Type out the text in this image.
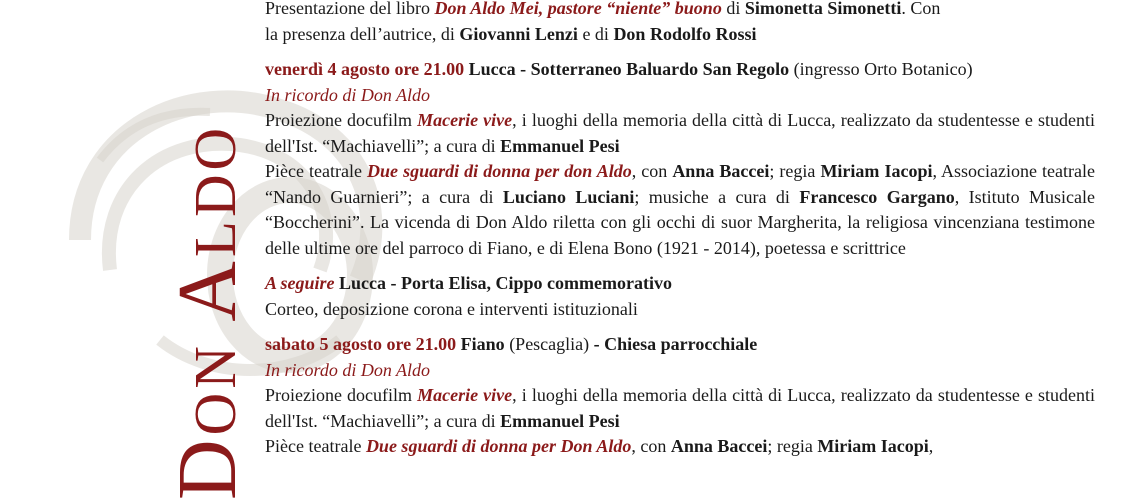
Don Aldo

Presentazione del libro Don Aldo Mei, pastore “niente” buono di Simonetta Simonetti. Con

la presenza dell’autrice, di Giovanni Lenzi e di Don Rodolfo Rossi

venerdì 4 agosto ore 21.00 Lucca - Sotterraneo Baluardo San Regolo (ingresso Orto Botanico)

In ricordo di Don Aldo

Proiezione docufilm Macerie vive, i luoghi della memoria della città di Lucca, realizzato da studentesse e studenti dell'Ist. “Machiavelli”; a cura di Emmanuel Pesi

Pièce teatrale Due sguardi di donna per don Aldo, con Anna Baccei; regia Miriam Iacopi, Associazione teatrale “Nando Guarnieri”; a cura di Luciano Luciani; musiche a cura di Francesco Gargano, Istituto Musicale “Boccherini”. La vicenda di Don Aldo riletta con gli occhi di suor Margherita, la religiosa vincenziana testimone delle ultime ore del parroco di Fiano, e di Elena Bono (1921 - 2014), poetessa e scrittrice

A seguire Lucca - Porta Elisa, Cippo commemorativo

Corteo, deposizione corona e interventi istituzionali

sabato 5 agosto ore 21.00 Fiano (Pescaglia) - Chiesa parrocchiale

In ricordo di Don Aldo

Proiezione docufilm Macerie vive, i luoghi della memoria della città di Lucca, realizzato da studentesse e studenti dell'Ist. “Machiavelli”; a cura di Emmanuel Pesi

Pièce teatrale Due sguardi di donna per Don Aldo, con Anna Baccei; regia Miriam Iacopi,
